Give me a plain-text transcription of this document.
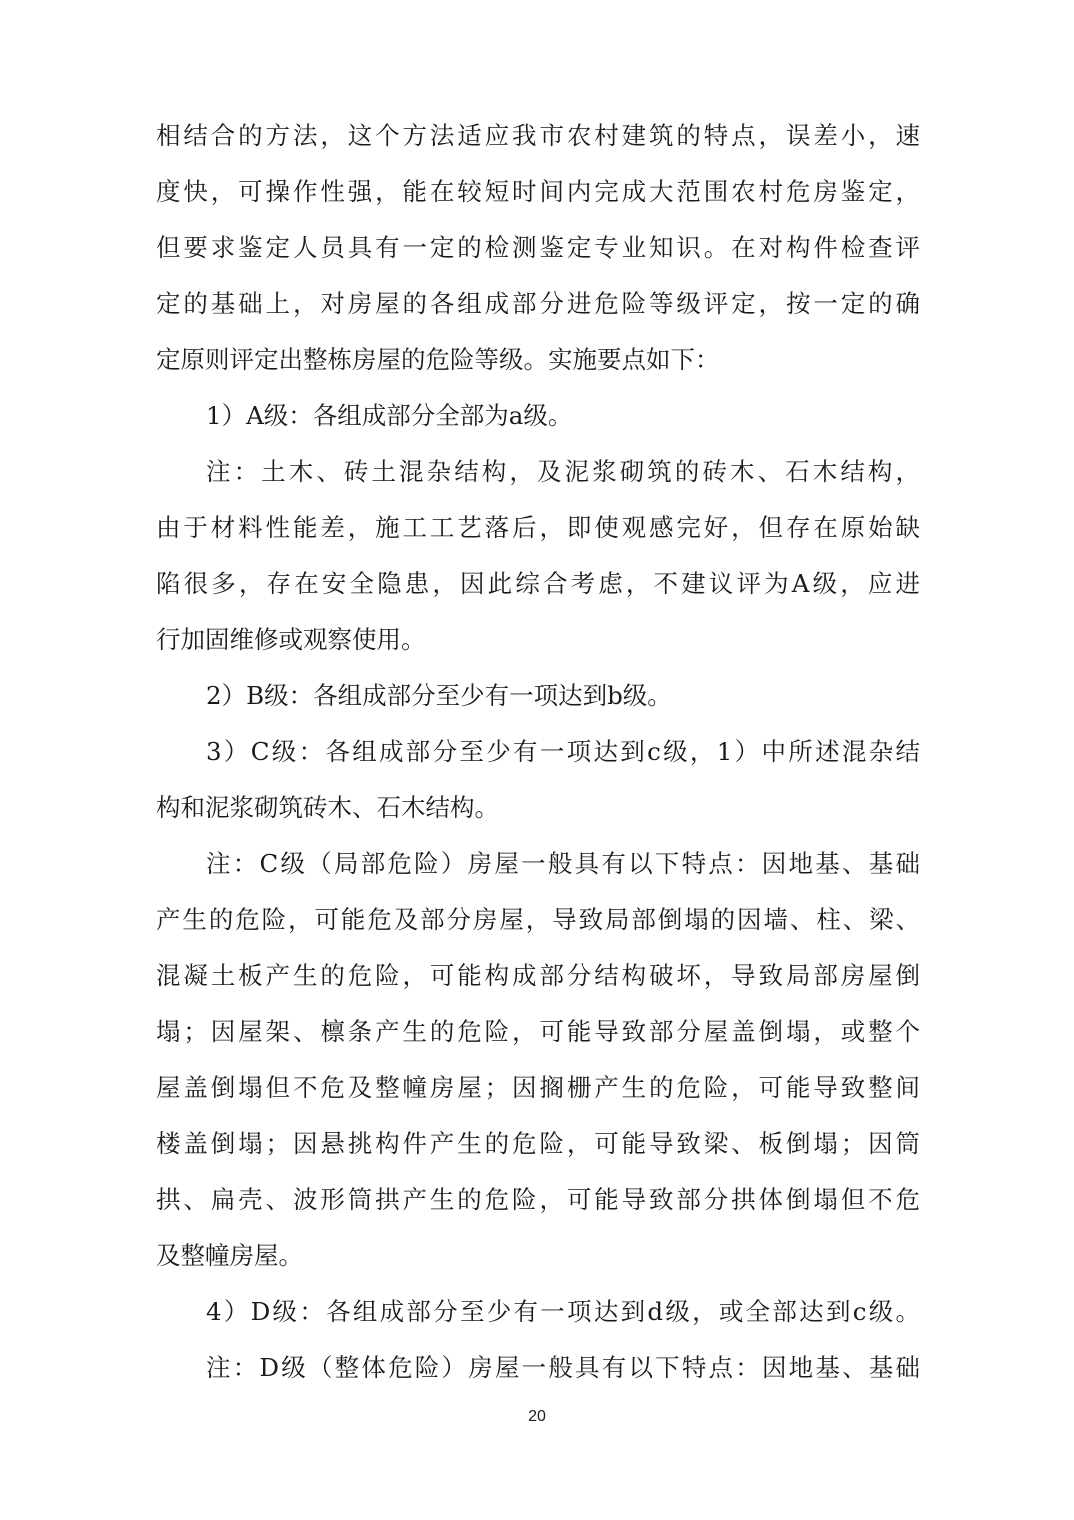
相结合的方法，这个方法适应我市农村建筑的特点，误差小，速
度快，可操作性强，能在较短时间内完成大范围农村危房鉴定，
但要求鉴定人员具有一定的检测鉴定专业知识。在对构件检查评
定的基础上，对房屋的各组成部分进危险等级评定，按一定的确
定原则评定出整栋房屋的危险等级。实施要点如下：
1）A级：各组成部分全部为a级。
注：土木、砖土混杂结构，及泥浆砌筑的砖木、石木结构，
由于材料性能差，施工工艺落后，即使观感完好，但存在原始缺
陷很多，存在安全隐患，因此综合考虑，不建议评为A级，应进
行加固维修或观察使用。
2）B级：各组成部分至少有一项达到b级。
3）C级：各组成部分至少有一项达到c级，1）中所述混杂结
构和泥浆砌筑砖木、石木结构。
注：C级（局部危险）房屋一般具有以下特点：因地基、基础
产生的危险，可能危及部分房屋，导致局部倒塌的因墙、柱、梁、
混凝土板产生的危险，可能构成部分结构破坏，导致局部房屋倒
塌；因屋架、檩条产生的危险，可能导致部分屋盖倒塌，或整个
屋盖倒塌但不危及整幢房屋；因搁栅产生的危险，可能导致整间
楼盖倒塌；因悬挑构件产生的危险，可能导致梁、板倒塌；因筒
拱、扁壳、波形筒拱产生的危险，可能导致部分拱体倒塌但不危
及整幢房屋。
4）D级：各组成部分至少有一项达到d级，或全部达到c级。
注：D级（整体危险）房屋一般具有以下特点：因地基、基础
20
